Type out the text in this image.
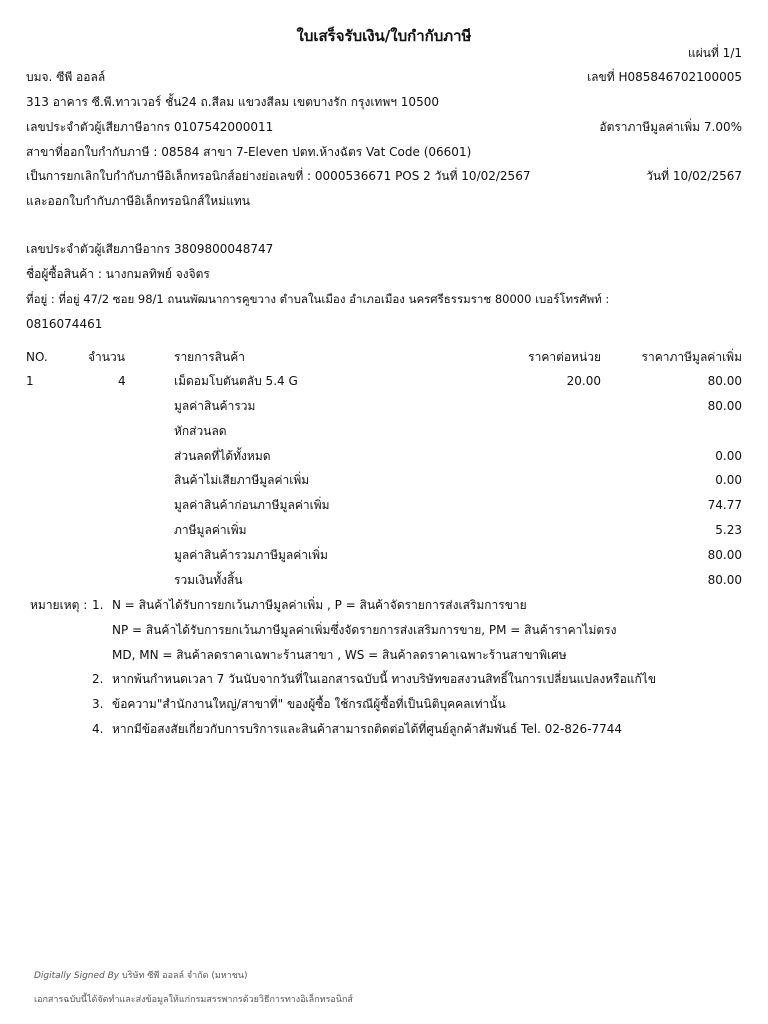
ใบเสร็จรับเงิน/ใบกำกับภาษี
แผ่นที่ 1/1
บมจ. ซีพี ออลล์	เลขที่ H085846702100005
313 อาคาร ซี.พี.ทาวเวอร์ ชั้น24 ถ.สีลม แขวงสีลม เขตบางรัก กรุงเทพฯ 10500
เลขประจำตัวผู้เสียภาษีอากร 0107542000011	อัตราภาษีมูลค่าเพิ่ม 7.00%
สาขาที่ออกใบกำกับภาษี : 08584 สาขา 7-Eleven ปตท.ห้างฉัตร Vat Code (06601)
เป็นการยกเลิกใบกำกับภาษีอิเล็กทรอนิกส์อย่างย่อเลขที่ : 0000536671 POS 2 วันที่ 10/02/2567	วันที่ 10/02/2567
และออกใบกำกับภาษีอิเล็กทรอนิกส์ใหม่แทน
เลขประจำตัวผู้เสียภาษีอากร 3809800048747
ชื่อผู้ซื้อสินค้า : นางกมลทิพย์ จงจิตร
ที่อยู่ : ที่อยู่ 47/2 ซอย 98/1 ถนนพัฒนาการคูขวาง ตำบลในเมือง อำเภอเมือง นครศรีธรรมราช 80000 เบอร์โทรศัพท์ :
0816074461
NO.	จำนวน	รายการสินค้า	ราคาต่อหน่วย	ราคาภาษีมูลค่าเพิ่ม
1	4	เม็ดอมโบตันตลับ 5.4 G	20.00	80.00
มูลค่าสินค้ารวม	80.00
หักส่วนลด
ส่วนลดที่ได้ทั้งหมด	0.00
สินค้าไม่เสียภาษีมูลค่าเพิ่ม	0.00
มูลค่าสินค้าก่อนภาษีมูลค่าเพิ่ม	74.77
ภาษีมูลค่าเพิ่ม	5.23
มูลค่าสินค้ารวมภาษีมูลค่าเพิ่ม	80.00
รวมเงินทั้งสิ้น	80.00
หมายเหตุ : 1. N = สินค้าได้รับการยกเว้นภาษีมูลค่าเพิ่ม , P = สินค้าจัดรายการส่งเสริมการขาย
NP = สินค้าได้รับการยกเว้นภาษีมูลค่าเพิ่มซึ่งจัดรายการส่งเสริมการขาย, PM = สินค้าราคาไม่ตรง
MD, MN = สินค้าลดราคาเฉพาะร้านสาขา , WS = สินค้าลดราคาเฉพาะร้านสาขาพิเศษ
2. หากพ้นกำหนดเวลา 7 วันนับจากวันที่ในเอกสารฉบับนี้ ทางบริษัทขอสงวนสิทธิ์ในการเปลี่ยนแปลงหรือแก้ไข
3. ข้อความ"สำนักงานใหญ่/สาขาที่" ของผู้ซื้อ ใช้กรณีผู้ซื้อที่เป็นนิติบุคคลเท่านั้น
4. หากมีข้อสงสัยเกี่ยวกับการบริการและสินค้าสามารถติดต่อได้ที่ศูนย์ลูกค้าสัมพันธ์ Tel. 02-826-7744
Digitally Signed By บริษัท ซีพี ออลล์ จำกัด (มหาชน)
เอกสารฉบับนี้ได้จัดทำและส่งข้อมูลให้แก่กรมสรรพากรด้วยวิธีการทางอิเล็กทรอนิกส์
